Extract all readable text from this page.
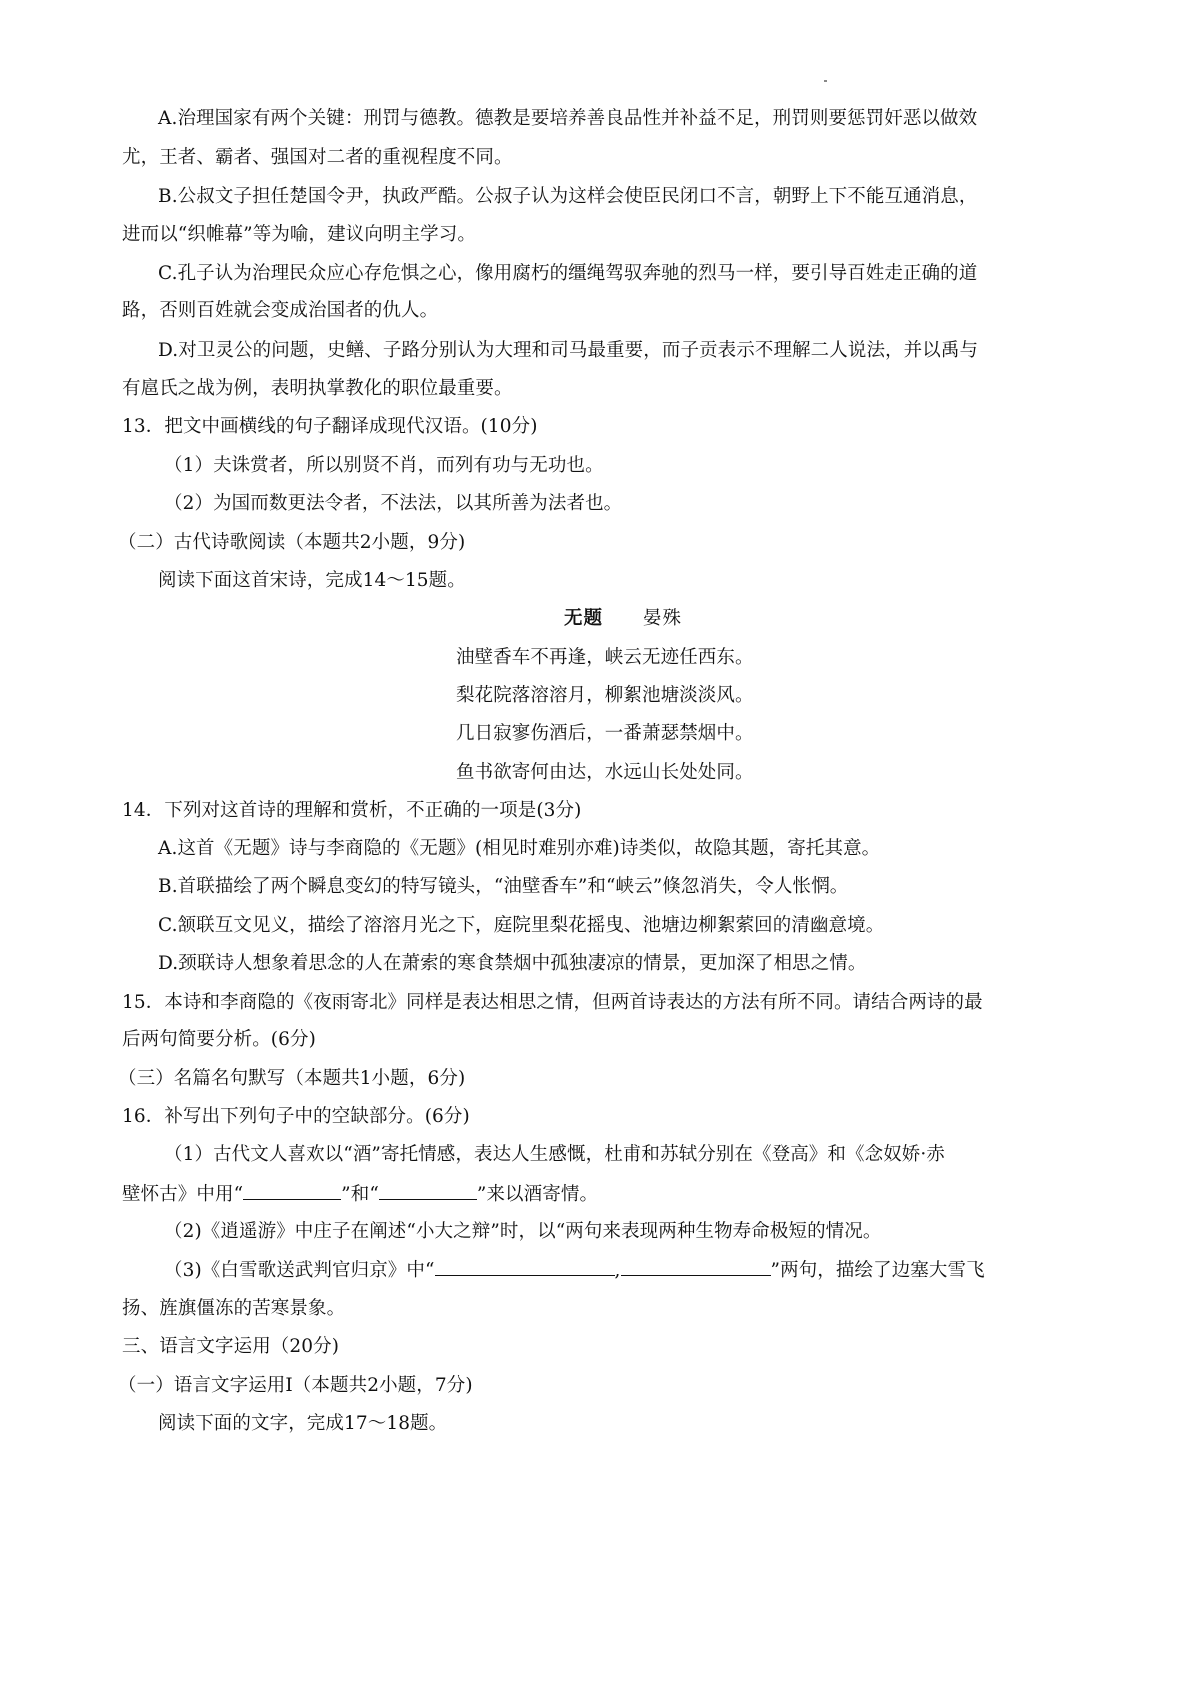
A.治理国家有两个关键：刑罚与德教。德教是要培养善良品性并补益不足，刑罚则要惩罚奸恶以做效
尤，王者、霸者、强国对二者的重视程度不同。
B.公叔文子担任楚国令尹，执政严酷。公叔子认为这样会使臣民闭口不言，朝野上下不能互通消息，
进而以“织帷幕”等为喻，建议向明主学习。
C.孔子认为治理民众应心存危惧之心，像用腐朽的缰绳驾驭奔驰的烈马一样，要引导百姓走正确的道
路，否则百姓就会变成治国者的仇人。
D.对卫灵公的问题，史鳝、子路分别认为大理和司马最重要，而子贡表示不理解二人说法，并以禹与
有扈氏之战为例，表明执掌教化的职位最重要。
13．把文中画横线的句子翻译成现代汉语。(10分)
（1）夫诛赏者，所以别贤不肖，而列有功与无功也。
（2）为国而数更法令者，不法法，以其所善为法者也。
（二）古代诗歌阅读（本题共2小题，9分)
阅读下面这首宋诗，完成14～15题。
无题 晏殊
油壁香车不再逢，峡云无迹任西东。
梨花院落溶溶月，柳絮池塘淡淡风。
几日寂寥伤酒后，一番萧瑟禁烟中。
鱼书欲寄何由达，水远山长处处同。
14．下列对这首诗的理解和赏析，不正确的一项是(3分)
A.这首《无题》诗与李商隐的《无题》(相见时难别亦难)诗类似，故隐其题，寄托其意。
B.首联描绘了两个瞬息变幻的特写镜头，“油壁香车”和“峡云”倏忽消失，令人怅惘。
C.颔联互文见义，描绘了溶溶月光之下，庭院里梨花摇曳、池塘边柳絮萦回的清幽意境。
D.颈联诗人想象着思念的人在萧索的寒食禁烟中孤独凄凉的情景，更加深了相思之情。
15．本诗和李商隐的《夜雨寄北》同样是表达相思之情，但两首诗表达的方法有所不同。请结合两诗的最
后两句简要分析。(6分)
（三）名篇名句默写（本题共1小题，6分)
16．补写出下列句子中的空缺部分。(6分)
（1）古代文人喜欢以“酒”寄托情感，表达人生感慨，杜甫和苏轼分别在《登高》和《念奴娇·赤
壁怀古》中用“	”和“	”来以酒寄情。
（2)《逍遥游》中庄子在阐述“小大之辩”时，以“两句来表现两种生物寿命极短的情况。
（3)《白雪歌送武判官归京》中“	,	”两句，描绘了边塞大雪飞
扬、旌旗僵冻的苦寒景象。
三、语言文字运用（20分)
（一）语言文字运用Ⅰ（本题共2小题，7分)
阅读下面的文字，完成17～18题。
